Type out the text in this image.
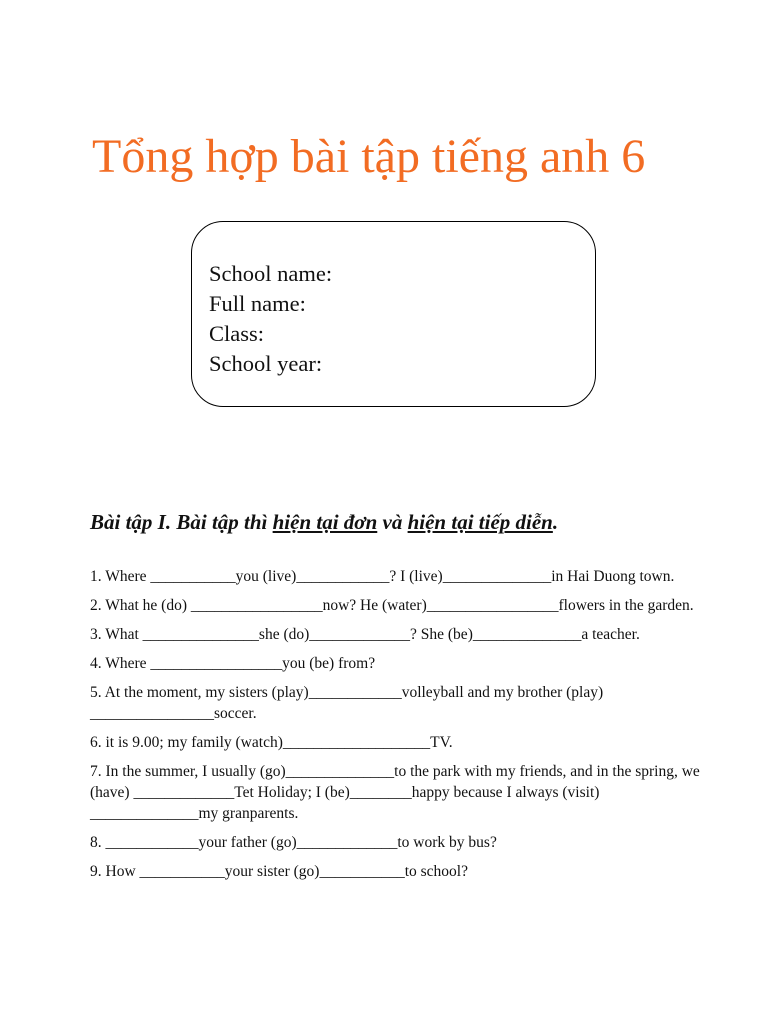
Tổng hợp bài tập tiếng anh 6
School name:
Full name:
Class:
School year:
Bài tập I. Bài tập thì hiện tại đơn và hiện tại tiếp diễn.
1. Where ___________you (live)____________? I (live)______________in Hai Duong town.
2. What he (do) _________________now? He (water)_________________flowers in the garden.
3. What _______________she (do)_____________? She (be)______________a teacher.
4. Where _________________you (be) from?
5. At the moment, my sisters (play)____________volleyball and my brother (play) ________________soccer.
6. it is 9.00; my family (watch)___________________TV.
7. In the summer, I usually (go)______________to the park with my friends, and in the spring, we (have) _____________Tet Holiday; I (be)________happy because I always (visit) ______________my granparents.
8. ____________your father (go)_____________to work by bus?
9. How ___________your sister (go)___________to school?
